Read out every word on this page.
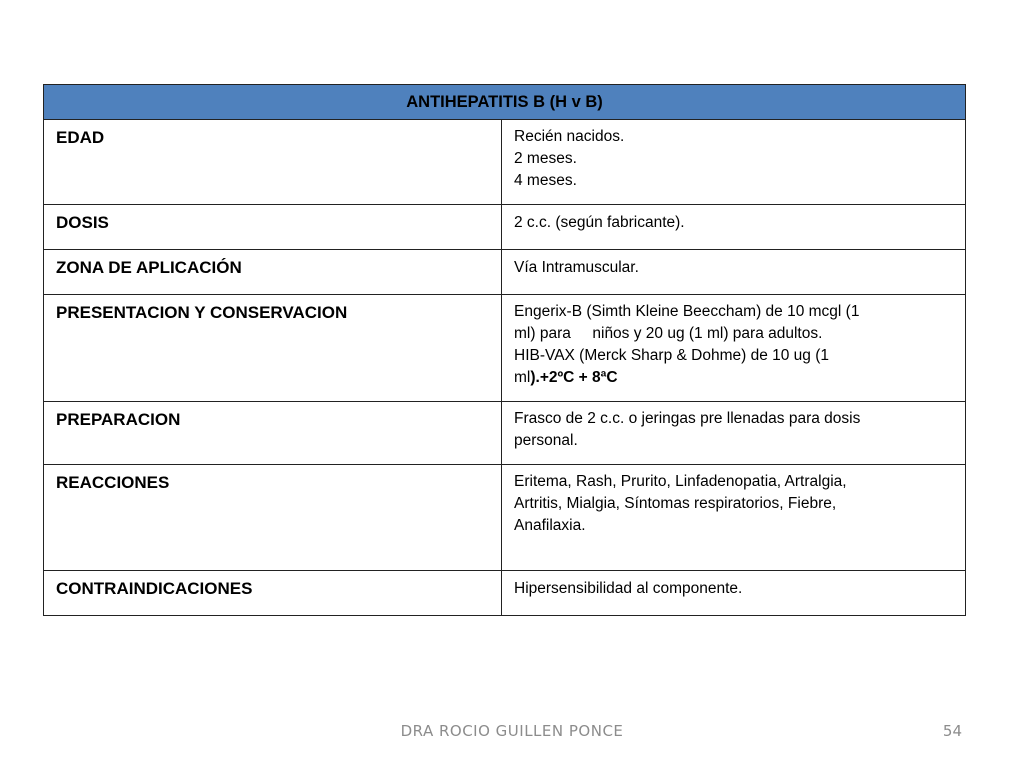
ANTIHEPATITIS B (H v B)	
EDAD	Recién nacidos.
2 meses.
4 meses.

DOSIS	2 c.c. (según fabricante).

ZONA DE APLICACIÓN	Vía Intramuscular.

PRESENTACION Y CONSERVACION	Engerix-B (Simth Kleine Beeccham) de 10 mcgl (1
ml) para     niños y 20 ug (1 ml) para adultos.
HIB-VAX (Merck Sharp & Dohme) de 10 ug (1
ml).+2ºC + 8ªC

PREPARACION	Frasco de 2 c.c. o jeringas pre llenadas para dosis
personal.

REACCIONES	Eritema, Rash, Prurito, Linfadenopatia, Artralgia,
Artritis, Mialgia, Síntomas respiratorios, Fiebre,
Anafilaxia.

CONTRAINDICACIONES	Hipersensibilidad al componente.
DRA ROCIO GUILLEN PONCE	54
